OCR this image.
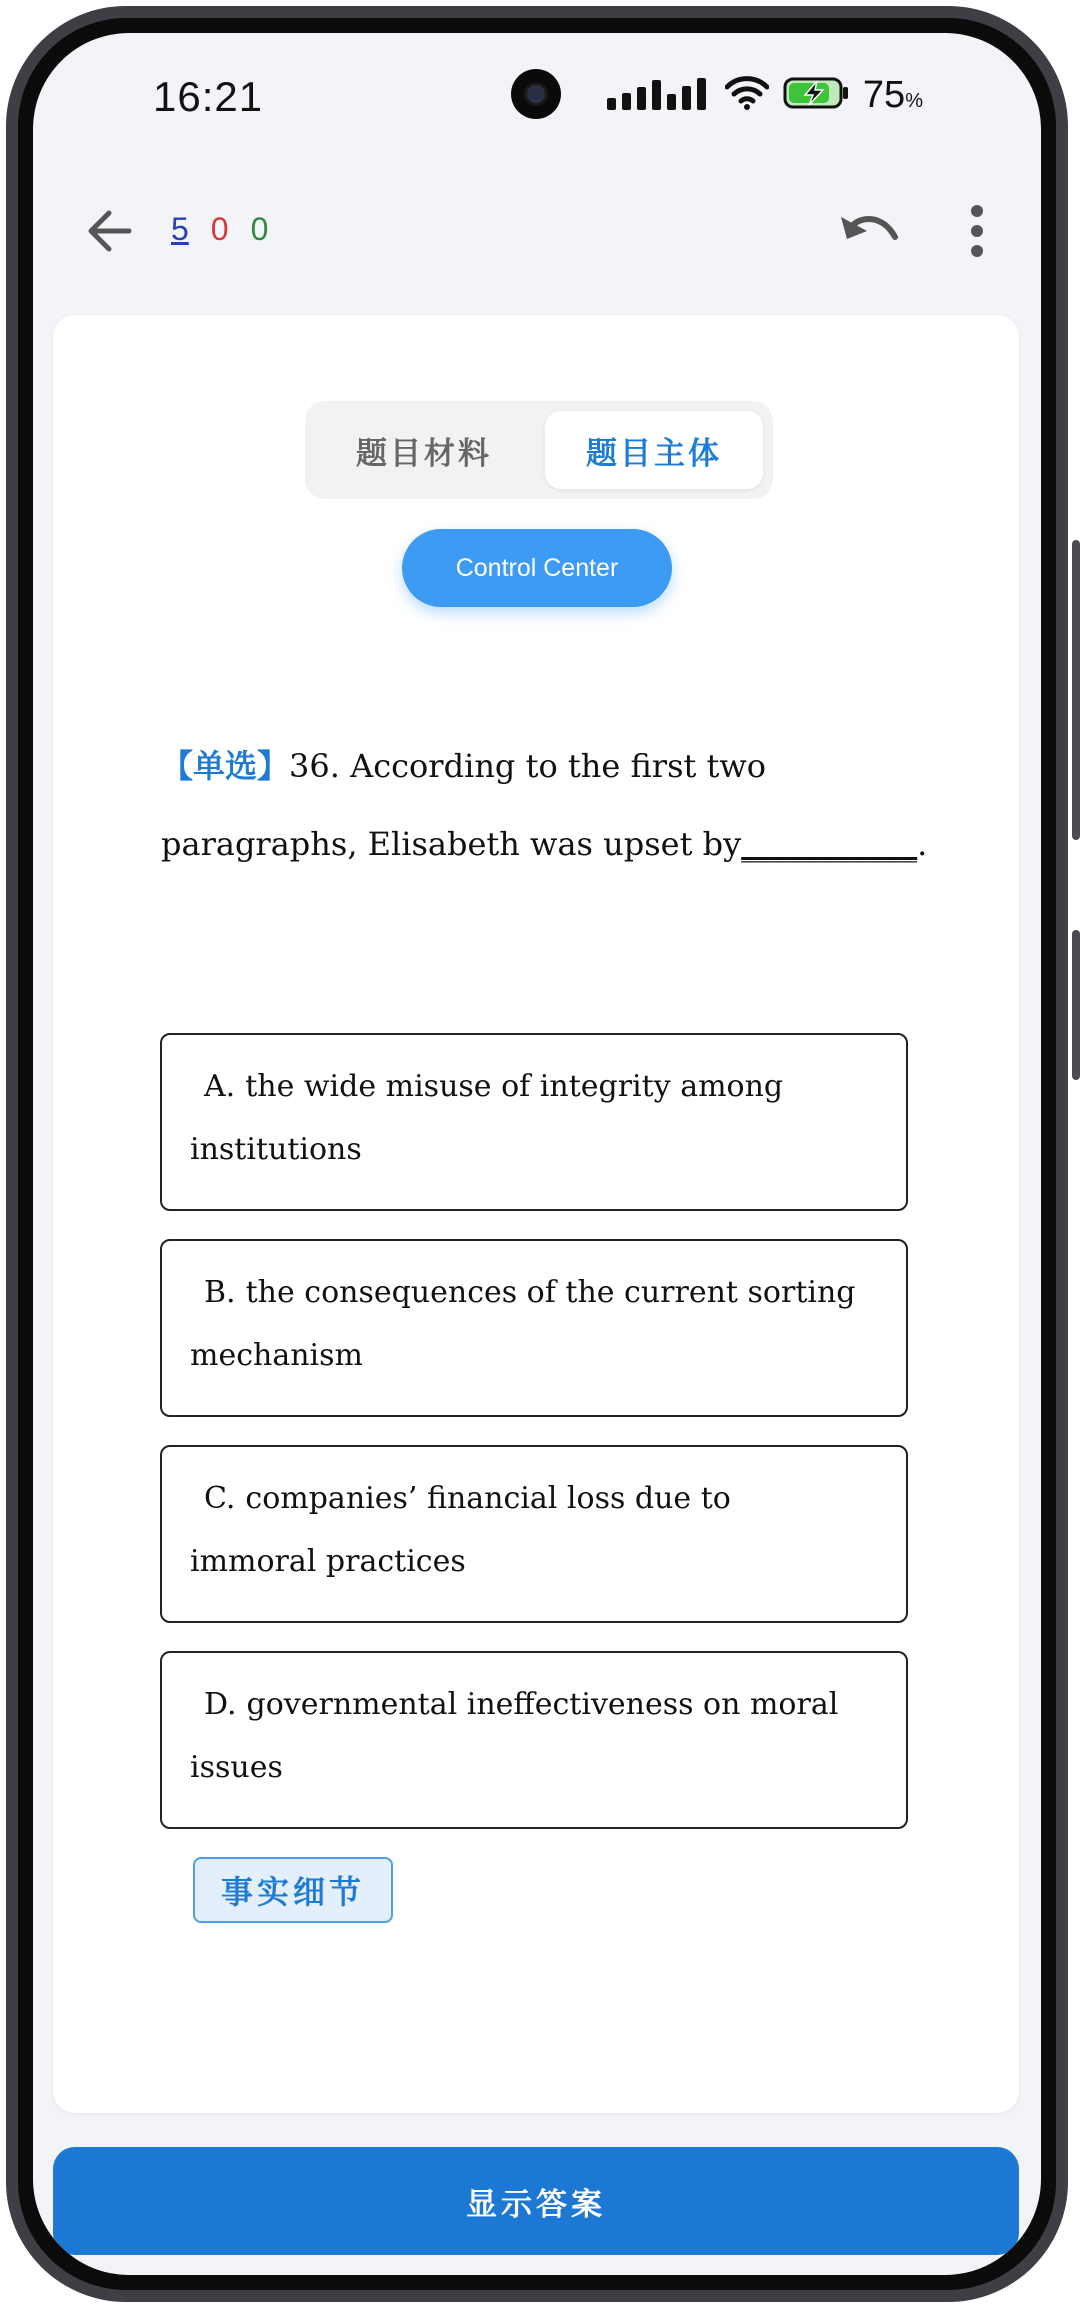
16:21	75%
5 0 0
题目材料	题目主体
Control Center
【单选】36. According to the first two paragraphs, Elisabeth was upset by___________.
A. the wide misuse of integrity among
institutions
B. the consequences of the current sorting
mechanism
C. companies’ financial loss due to
immoral practices
D. governmental ineffectiveness on moral
issues
事实细节
显示答案
